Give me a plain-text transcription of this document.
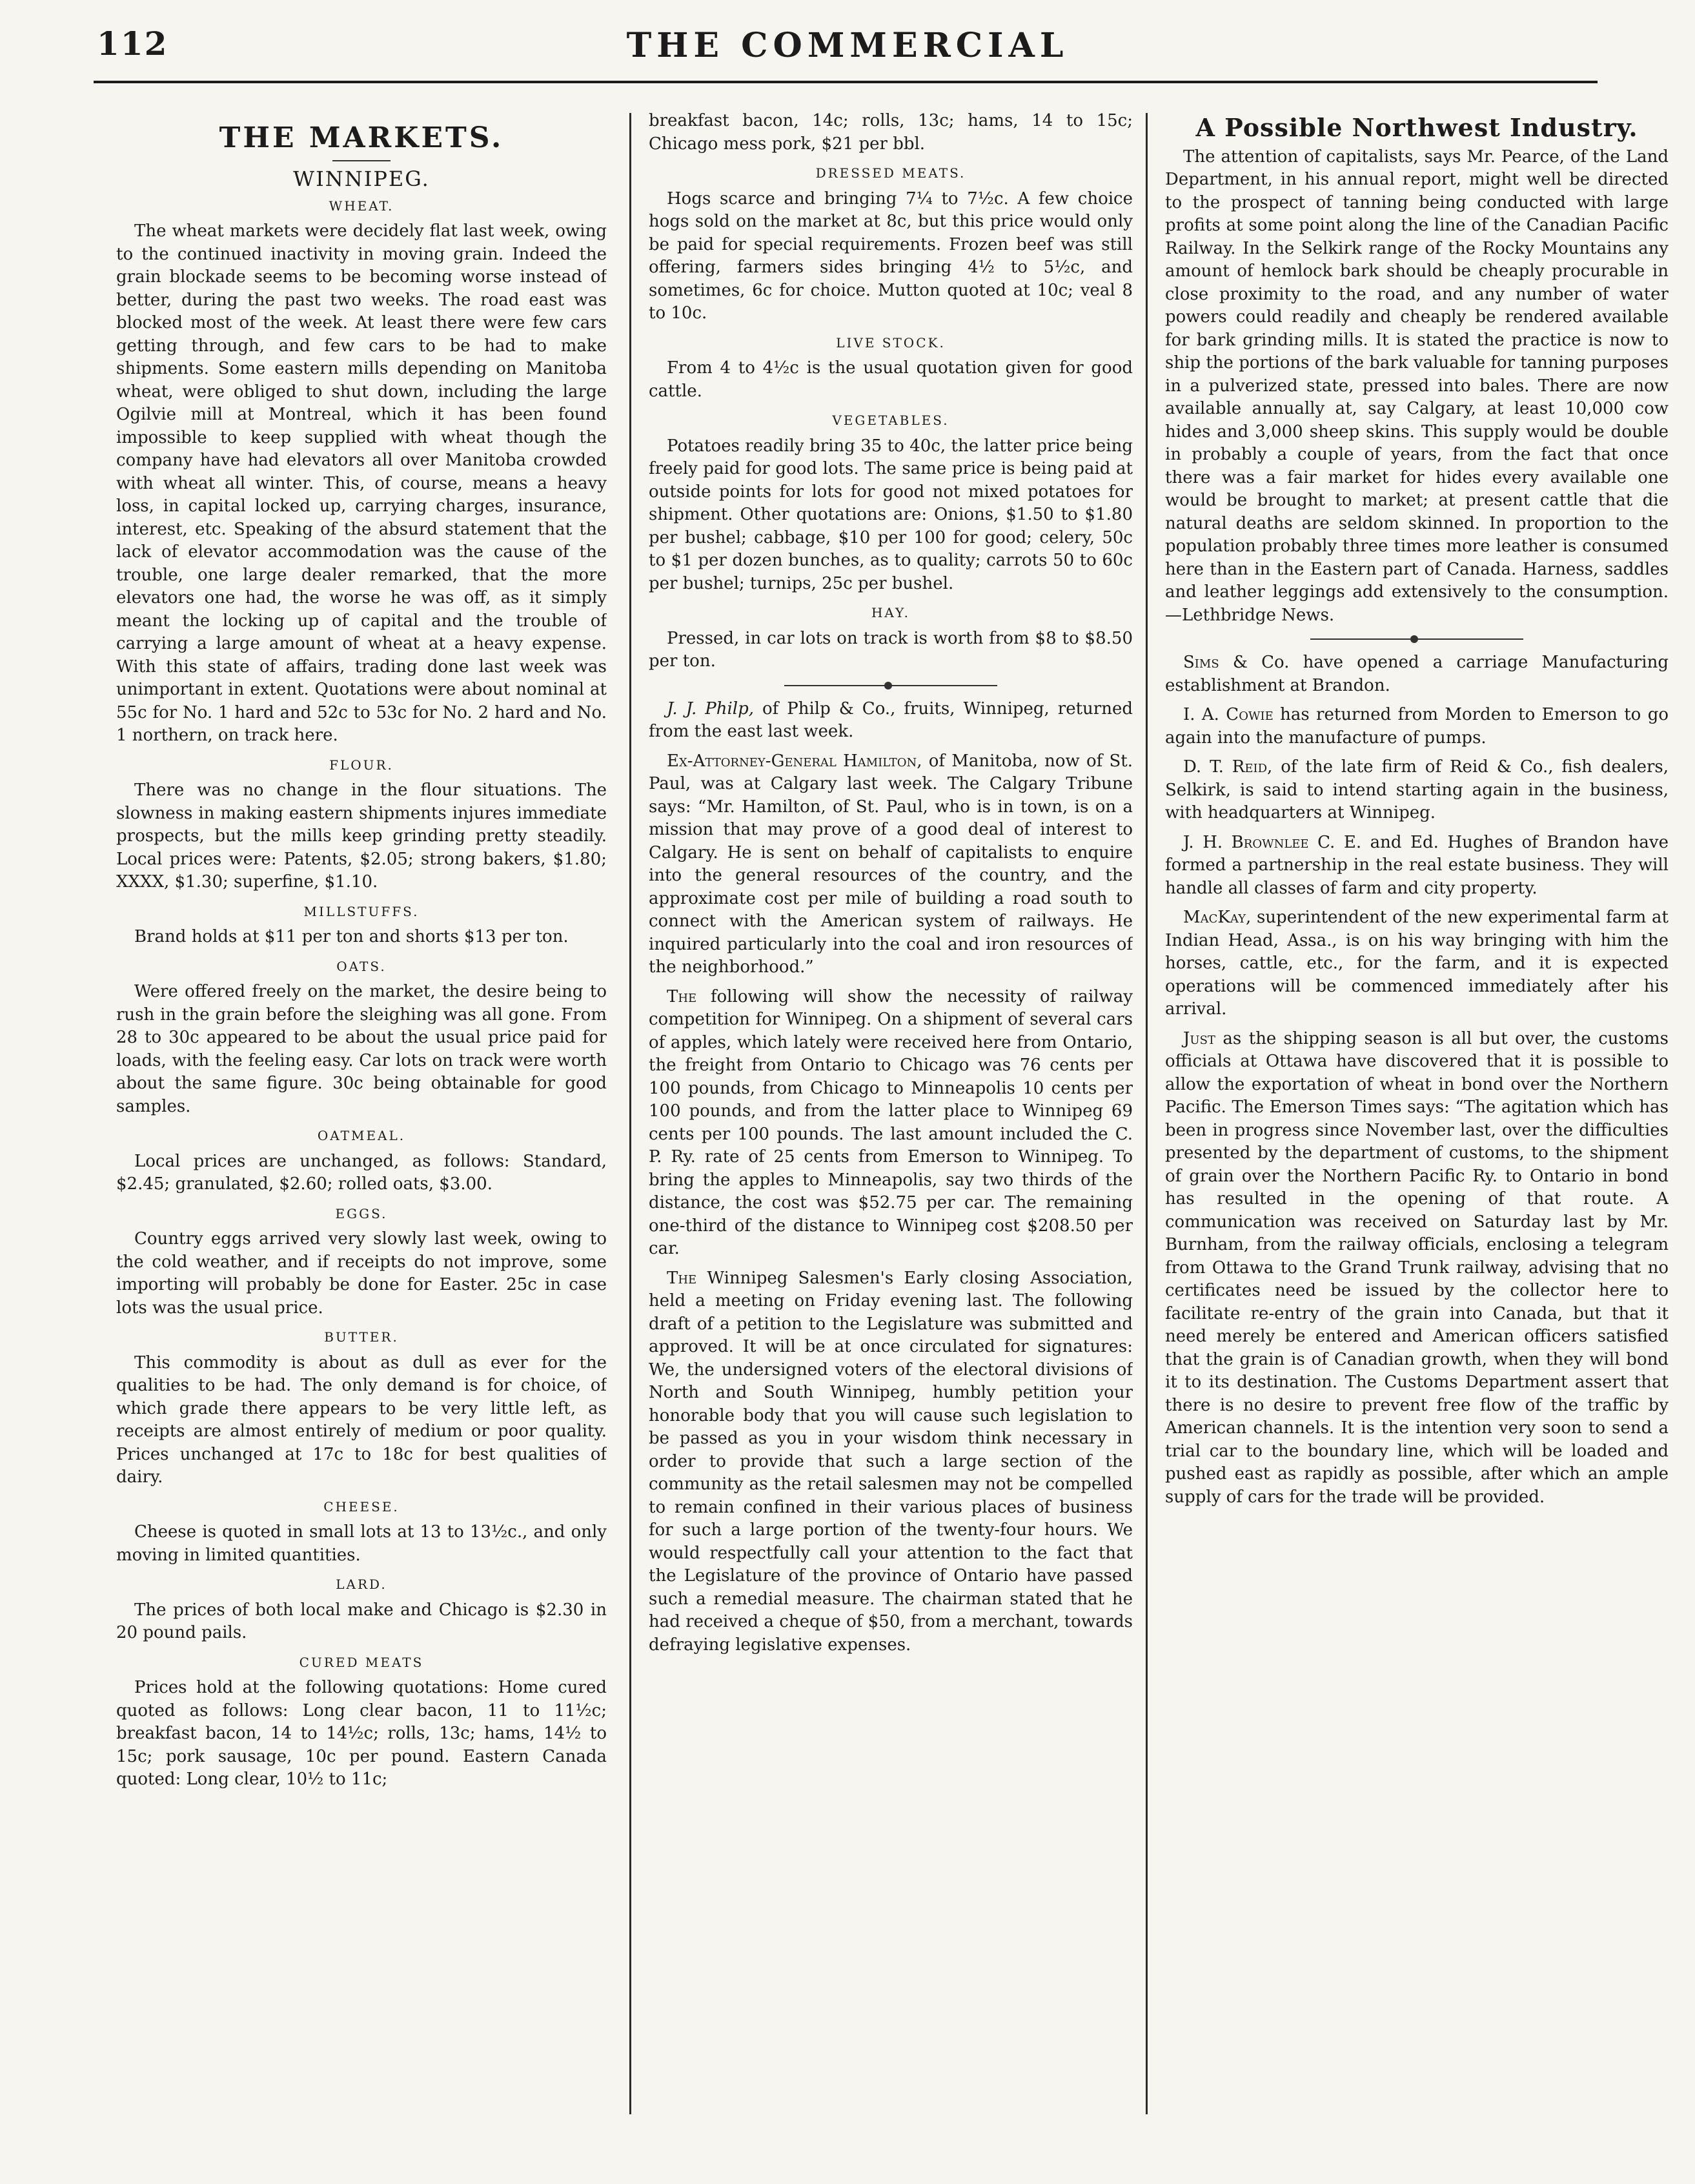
112	THE COMMERCIAL
THE MARKETS.
WINNIPEG.
WHEAT.

The wheat markets were decidely flat last week, owing to the continued inactivity in moving grain. Indeed the grain blockade seems to be becoming worse instead of better, during the past two weeks. The road east was blocked most of the week. At least there were few cars getting through, and few cars to be had to make shipments. Some eastern mills depending on Manitoba wheat, were obliged to shut down, including the large Ogilvie mill at Montreal, which it has been found impossible to keep supplied with wheat though the company have had elevators all over Manitoba crowded with wheat all winter. This, of course, means a heavy loss, in capital locked up, carrying charges, insurance, interest, etc. Speaking of the absurd statement that the lack of elevator accommodation was the cause of the trouble, one large dealer remarked, that the more elevators one had, the worse he was off, as it simply meant the locking up of capital and the trouble of carrying a large amount of wheat at a heavy expense. With this state of affairs, trading done last week was unimportant in extent. Quotations were about nominal at 55c for No. 1 hard and 52c to 53c for No. 2 hard and No. 1 northern, on track here.

FLOUR.

There was no change in the flour situations. The slowness in making eastern shipments injures immediate prospects, but the mills keep grinding pretty steadily. Local prices were: Patents, $2.05; strong bakers, $1.80; XXXX, $1.30; superfine, $1.10.

MILLSTUFFS.

Brand holds at $11 per ton and shorts $13 per ton.

OATS.

Were offered freely on the market, the desire being to rush in the grain before the sleighing was all gone. From 28 to 30c appeared to be about the usual price paid for loads, with the feeling easy. Car lots on track were worth about the same figure. 30c being obtainable for good samples.

OATMEAL.

Local prices are unchanged, as follows: Standard, $2.45; granulated, $2.60; rolled oats, $3.00.

EGGS.

Country eggs arrived very slowly last week, owing to the cold weather, and if receipts do not improve, some importing will probably be done for Easter. 25c in case lots was the usual price.

BUTTER.

This commodity is about as dull as ever for the qualities to be had. The only demand is for choice, of which grade there appears to be very little left, as receipts are almost entirely of medium or poor quality. Prices unchanged at 17c to 18c for best qualities of dairy.

CHEESE.

Cheese is quoted in small lots at 13 to 13½c., and only moving in limited quantities.

LARD.

The prices of both local make and Chicago is $2.30 in 20 pound pails.

CURED MEATS

Prices hold at the following quotations: Home cured quoted as follows: Long clear bacon, 11 to 11½c; breakfast bacon, 14 to 14½c; rolls, 13c; hams, 14½ to 15c; pork sausage, 10c per pound. Eastern Canada quoted: Long clear, 10½ to 11c;

breakfast bacon, 14c; rolls, 13c; hams, 14 to 15c; Chicago mess pork, $21 per bbl.

DRESSED MEATS.

Hogs scarce and bringing 7¼ to 7½c. A few choice hogs sold on the market at 8c, but this price would only be paid for special requirements. Frozen beef was still offering, farmers sides bringing 4½ to 5½c, and sometimes, 6c for choice. Mutton quoted at 10c; veal 8 to 10c.

LIVE STOCK.

From 4 to 4½c is the usual quotation given for good cattle.

VEGETABLES.

Potatoes readily bring 35 to 40c, the latter price being freely paid for good lots. The same price is being paid at outside points for lots for good not mixed potatoes for shipment. Other quotations are: Onions, $1.50 to $1.80 per bushel; cabbage, $10 per 100 for good; celery, 50c to $1 per dozen bunches, as to quality; carrots 50 to 60c per bushel; turnips, 25c per bushel.

HAY.

Pressed, in car lots on track is worth from $8 to $8.50 per ton.

J. J. Philp, of Philp & Co., fruits, Winnipeg, returned from the east last week.

Ex-Attorney-General Hamilton, of Manitoba, now of St. Paul, was at Calgary last week. The Calgary Tribune says: “Mr. Hamilton, of St. Paul, who is in town, is on a mission that may prove of a good deal of interest to Calgary. He is sent on behalf of capitalists to enquire into the general resources of the country, and the approximate cost per mile of building a road south to connect with the American system of railways. He inquired particularly into the coal and iron resources of the neighborhood.”

The following will show the necessity of railway competition for Winnipeg. On a shipment of several cars of apples, which lately were received here from Ontario, the freight from Ontario to Chicago was 76 cents per 100 pounds, from Chicago to Minneapolis 10 cents per 100 pounds, and from the latter place to Winnipeg 69 cents per 100 pounds. The last amount included the C. P. Ry. rate of 25 cents from Emerson to Winnipeg. To bring the apples to Minneapolis, say two thirds of the distance, the cost was $52.75 per car. The remaining one-third of the distance to Winnipeg cost $208.50 per car.

The Winnipeg Salesmen's Early closing Association, held a meeting on Friday evening last. The following draft of a petition to the Legislature was submitted and approved. It will be at once circulated for signatures: We, the undersigned voters of the electoral divisions of North and South Winnipeg, humbly petition your honorable body that you will cause such legislation to be passed as you in your wisdom think necessary in order to provide that such a large section of the community as the retail salesmen may not be compelled to remain confined in their various places of business for such a large portion of the twenty-four hours. We would respectfully call your attention to the fact that the Legislature of the province of Ontario have passed such a remedial measure. The chairman stated that he had received a cheque of $50, from a merchant, towards defraying legislative expenses.

A Possible Northwest Industry.

The attention of capitalists, says Mr. Pearce, of the Land Department, in his annual report, might well be directed to the prospect of tanning being conducted with large profits at some point along the line of the Canadian Pacific Railway. In the Selkirk range of the Rocky Mountains any amount of hemlock bark should be cheaply procurable in close proximity to the road, and any number of water powers could readily and cheaply be rendered available for bark grinding mills. It is stated the practice is now to ship the portions of the bark valuable for tanning purposes in a pulverized state, pressed into bales. There are now available annually at, say Calgary, at least 10,000 cow hides and 3,000 sheep skins. This supply would be double in probably a couple of years, from the fact that once there was a fair market for hides every available one would be brought to market; at present cattle that die natural deaths are seldom skinned. In proportion to the population probably three times more leather is consumed here than in the Eastern part of Canada. Harness, saddles and leather leggings add extensively to the consumption.—Lethbridge News.

Sims & Co. have opened a carriage Manufacturing establishment at Brandon.

I. A. Cowie has returned from Morden to Emerson to go again into the manufacture of pumps.

D. T. Reid, of the late firm of Reid & Co., fish dealers, Selkirk, is said to intend starting again in the business, with headquarters at Winnipeg.

J. H. Brownlee C. E. and Ed. Hughes of Brandon have formed a partnership in the real estate business. They will handle all classes of farm and city property.

MacKay, superintendent of the new experimental farm at Indian Head, Assa., is on his way bringing with him the horses, cattle, etc., for the farm, and it is expected operations will be commenced immediately after his arrival.

Just as the shipping season is all but over, the customs officials at Ottawa have discovered that it is possible to allow the exportation of wheat in bond over the Northern Pacific. The Emerson Times says: “The agitation which has been in progress since November last, over the difficulties presented by the department of customs, to the shipment of grain over the Northern Pacific Ry. to Ontario in bond has resulted in the opening of that route. A communication was received on Saturday last by Mr. Burnham, from the railway officials, enclosing a telegram from Ottawa to the Grand Trunk railway, advising that no certificates need be issued by the collector here to facilitate re-entry of the grain into Canada, but that it need merely be entered and American officers satisfied that the grain is of Canadian growth, when they will bond it to its destination. The Customs Department assert that there is no desire to prevent free flow of the traffic by American channels. It is the intention very soon to send a trial car to the boundary line, which will be loaded and pushed east as rapidly as possible, after which an ample supply of cars for the trade will be provided.
